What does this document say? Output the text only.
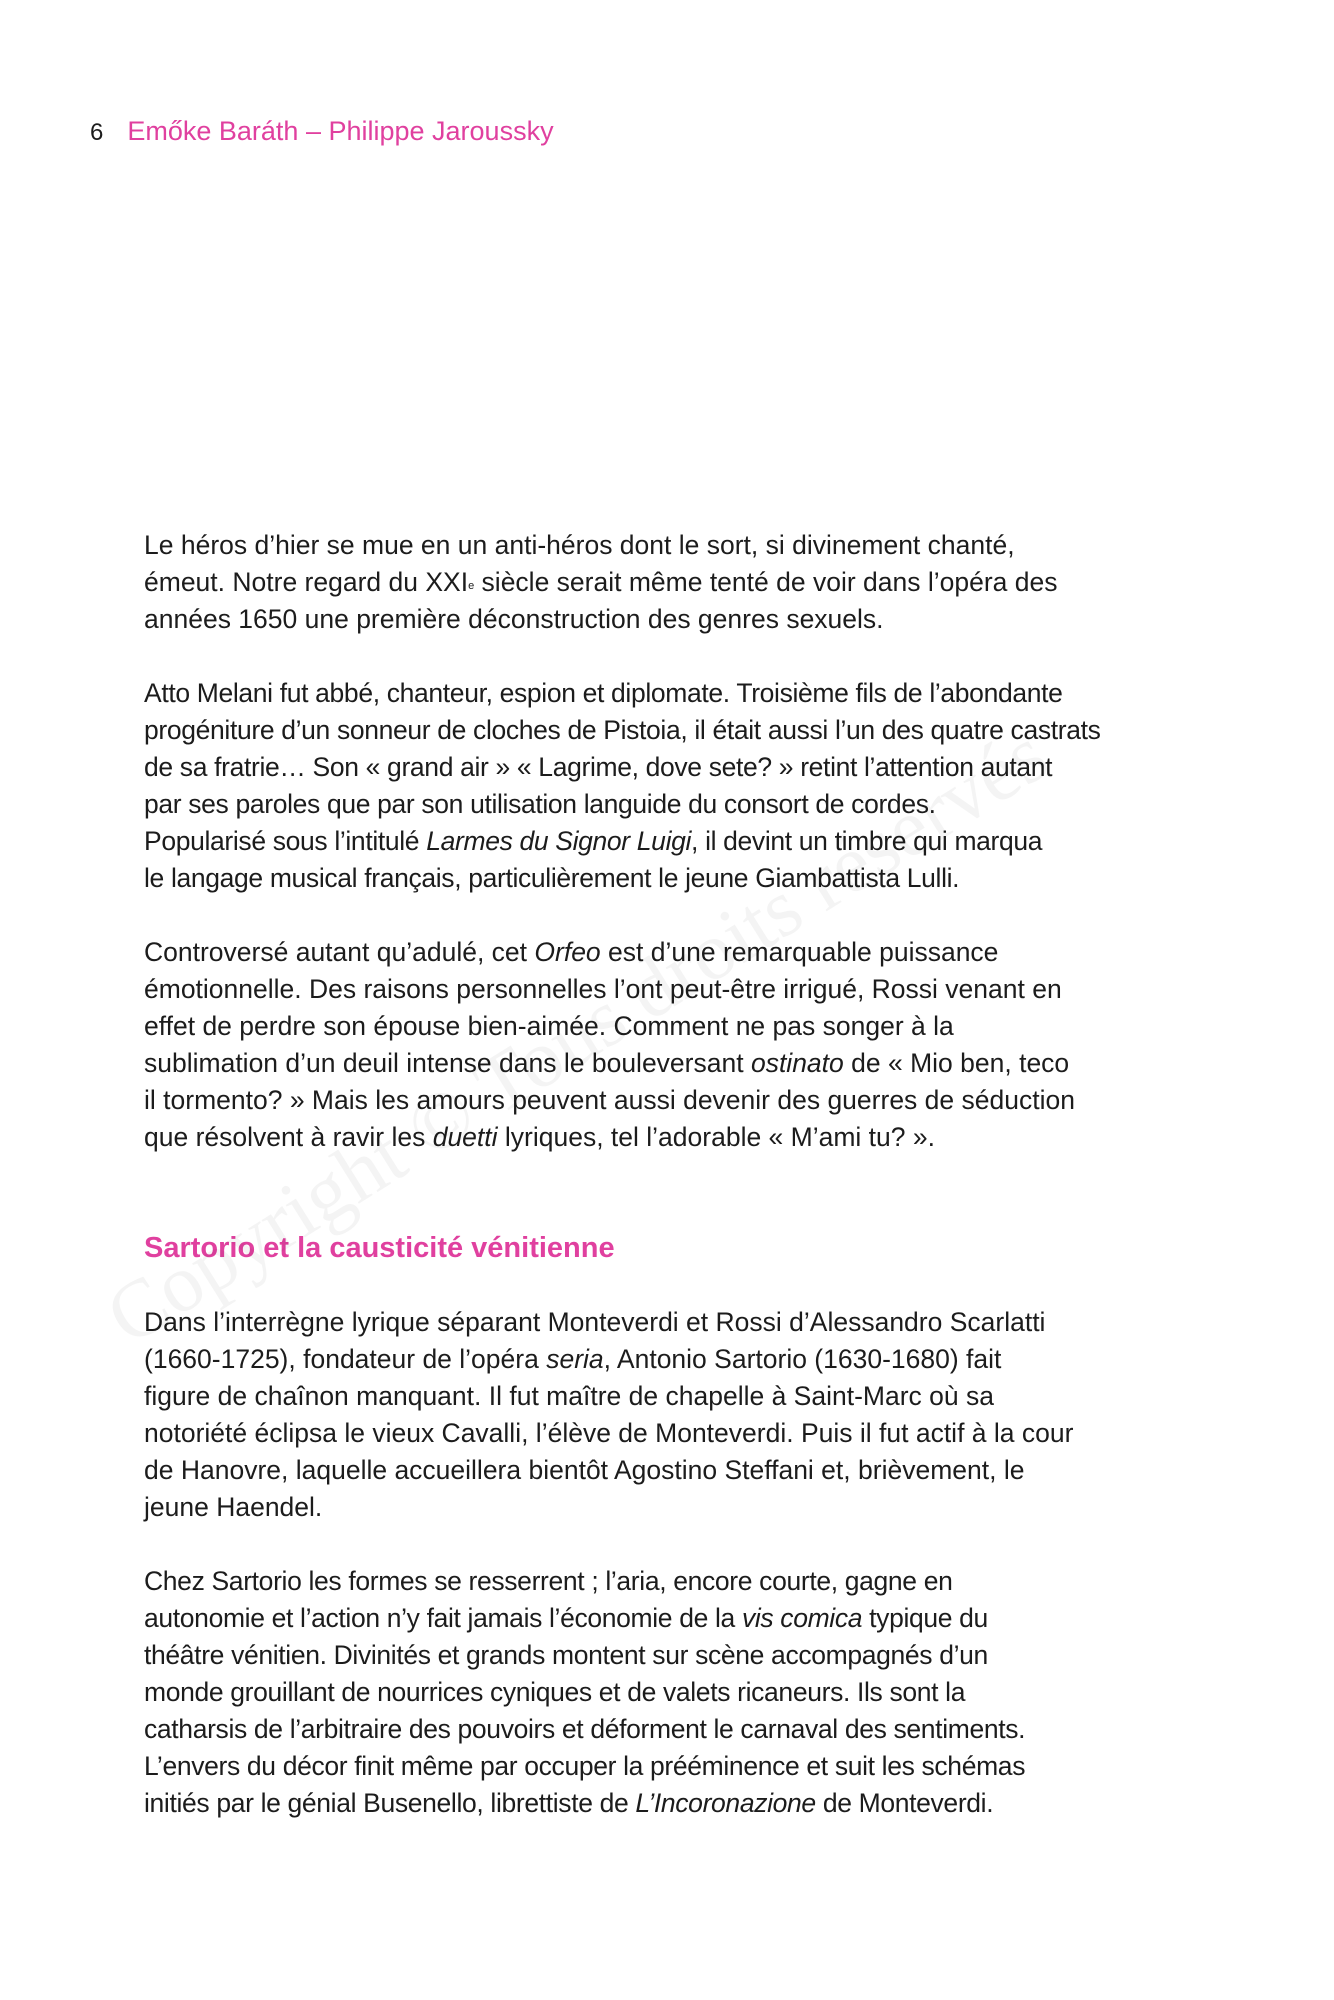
6 Emőke Baráth – Philippe Jaroussky

Le héros d’hier se mue en un anti-héros dont le sort, si divinement chanté,
émeut. Notre regard du XXIe siècle serait même tenté de voir dans l’opéra des
années 1650 une première déconstruction des genres sexuels.

Atto Melani fut abbé, chanteur, espion et diplomate. Troisième fils de l’abondante
progéniture d’un sonneur de cloches de Pistoia, il était aussi l’un des quatre castrats
de sa fratrie… Son « grand air » « Lagrime, dove sete? » retint l’attention autant
par ses paroles que par son utilisation languide du consort de cordes.
Popularisé sous l’intitulé Larmes du Signor Luigi, il devint un timbre qui marqua
le langage musical français, particulièrement le jeune Giambattista Lulli.

Controversé autant qu’adulé, cet Orfeo est d’une remarquable puissance
émotionnelle. Des raisons personnelles l’ont peut-être irrigué, Rossi venant en
effet de perdre son épouse bien-aimée. Comment ne pas songer à la
sublimation d’un deuil intense dans le bouleversant ostinato de « Mio ben, teco
il tormento? » Mais les amours peuvent aussi devenir des guerres de séduction
que résolvent à ravir les duetti lyriques, tel l’adorable « M’ami tu? ».

Sartorio et la causticité vénitienne

Dans l’interrègne lyrique séparant Monteverdi et Rossi d’Alessandro Scarlatti
(1660-1725), fondateur de l’opéra seria, Antonio Sartorio (1630-1680) fait
figure de chaînon manquant. Il fut maître de chapelle à Saint-Marc où sa
notoriété éclipsa le vieux Cavalli, l’élève de Monteverdi. Puis il fut actif à la cour
de Hanovre, laquelle accueillera bientôt Agostino Steffani et, brièvement, le
jeune Haendel.

Chez Sartorio les formes se resserrent ; l’aria, encore courte, gagne en
autonomie et l’action n’y fait jamais l’économie de la vis comica typique du
théâtre vénitien. Divinités et grands montent sur scène accompagnés d’un
monde grouillant de nourrices cyniques et de valets ricaneurs. Ils sont la
catharsis de l’arbitraire des pouvoirs et déforment le carnaval des sentiments.
L’envers du décor finit même par occuper la prééminence et suit les schémas
initiés par le génial Busenello, librettiste de L’Incoronazione de Monteverdi.
